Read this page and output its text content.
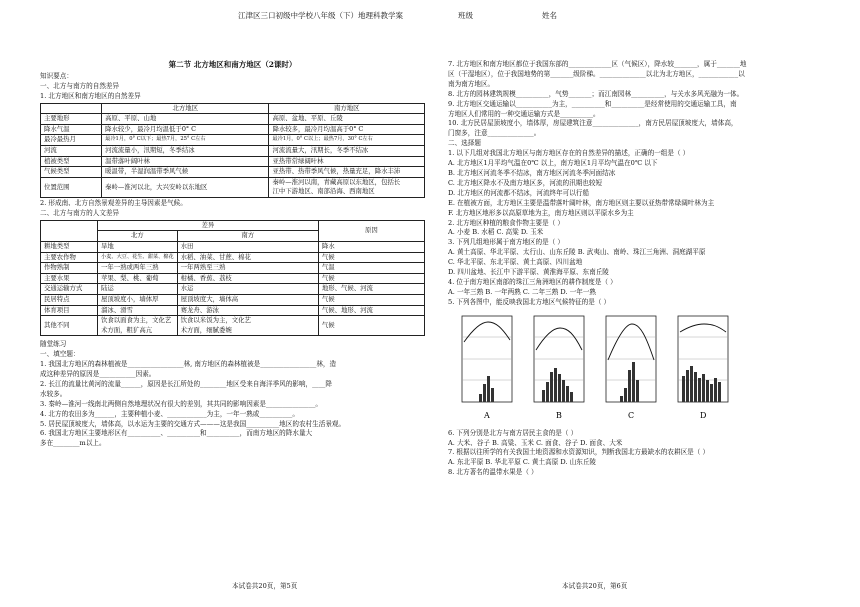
江津区三口初级中学校八年级（下）地理科教学案	班级	姓名
第二节 北方地区和南方地区（2课时）
知识要点：
一、北方与南方的自然差异
1. 北方地区和南方地区的自然差异
	北方地区	南方地区
主要地形	高原、平原、山地	高原、盆地、平原、丘陵
降水气温	降水较少，最冷月均温低于0° C	降水较多，最冷月均温高于0° C
最冷最热月	最冷1月，0° C以下；最热7月，25° C左右	最冷1月，0° C以上；最热7月，30° C左右
河流	河流流量小，汛期短，冬季结冰	河流流量大，汛期长，冬季不结冰
植被类型	温带落叶阔叶林	亚热带常绿阔叶林
气候类型	暖温带，半湿润温带季风气候	亚热带、热带季风气候，热量充足，降水丰沛
位置范围	秦岭—淮河以北，大兴安岭以东地区	秦岭—淮河以南，青藏高原以东地区，包括长
		江中下游地区、南部沿海、西南地区
2. 形成南、北方自然景观差异的主导因素是气候。
二、北方与南方的人文差异
	差异		原因
	北方	南方	
耕地类型	旱地	水田	降水
主要农作物	小麦、大豆、花生、甜菜、棉花	水稻、油菜、甘蔗、棉花	气候
作物熟制	一年一熟或两年三熟	一年两熟至三熟	气温
主要水果	苹果、梨、桃、葡萄	柑橘、香蕉、荔枝	气候
交通运输方式	陆运	水运	地形、气候、河流
民居特点	屋顶坡度小，墙体厚	屋顶坡度大，墙体高	气候
体育项目	溜冰、滑雪	赛龙舟、游泳	气候、地形、河流
其他不同	饮食以面食为主，文化艺	饮食以米饭为主，文化艺	气候
	术方面，粗犷高亢	术方面，细腻委婉	
随堂练习
一、填空题：
1. 我国北方地区的森林植被是_________________林, 南方地区的森林植被是_________________林，造
成这种差异的原因是___________因素。
2. 长江的流量比黄河的流量______，原因是长江所处的________地区受来自海洋季风的影响，____降
水较多。
3. 秦岭—淮河一线南北两侧自然地理状况有很大的差别，其共同的影响因素是_______________。
4. 北方的农田多为______，主要种植小麦、____________为主，一年一熟或__________。
5. 居民屋顶坡度大，墙体高，以水运为主要的交通方式———这是我国__________地区的农村生活景观。
6. 我国北方地区主要地形区有__________、__________和__________，而南方地区的降水量大
多在________m以上。
7. 北方地区和南方地区都位于我国东部的_____________区（气候区），降水较_______，属于_______地
区（干湿地区），位于我国地势的第_______级阶梯。______________以北为北方地区，____________以
南为南方地区。
8. 北方的园林建筑规模__________，气势_______；而江南园林__________，与关水多风光融为一体。
9. 北方地区交通运输以___________为主，__________和__________是经常使用的交通运输工具，南
方地区人们常用的一种交通运输方式是__________。
10. 北方民居屋顶坡度小，墙体厚，房屋建筑注意______________，南方民居屋顶坡度大，墙体高，
门窗多，注意______________。
二、选择题
1. 以下几组对我国北方地区与南方地区存在的自然差异的描述，正确的一组是（ ）
A. 北方地区1月平均气温在0℃ 以上，南方地区1月平均气温在0℃ 以下
B. 北方地区河流冬季不结冰，南方地区河流冬季河面结冰
C. 北方地区降水不及南方地区多，河流的汛期也较短
D. 北方地区的河流都不结冰，河流终年可以行船
E. 在植被方面，北方地区主要是温带落叶阔叶林，南方地区则主要以亚热带常绿阔叶林为主
F. 北方地区地形多以高原草地为主，南方地区则以平原水乡为主
2. 北方地区种植的粮食作物主要是（ ）
A. 小麦 B. 水稻 C. 高粱 D. 玉米
3. 下列几组地形属于南方地区的是（ ）
A. 黄土高原、华北平原、太行山、山东丘陵 B. 武夷山、南岭、珠江三角洲、洞庭湖平原
C. 华北平原、东北平原、黄土高原、四川盆地
D. 四川盆地、长江中下游平原、黄淮海平原、东南丘陵
4. 位于南方地区南部的珠江三角洲地区的耕作制度是（ ）
A. 一年三熟 B. 一年两熟 C. 二年三熟 D. 一年一熟
5. 下列各图中，能反映我国北方地区气候特征的是（ ）
A	B	C	D
6. 下列分别是北方与南方居民主食的是（ ）
A. 大米、谷子 B. 高粱、玉米 C. 面食、谷子 D. 面食、大米
7. 根据以往所学的有关我国土地资源和水资源知识，判断我国北方最缺水的农耕区是（ ）
A. 东北平原 B. 华北平原 C. 黄土高原 D. 山东丘陵
8. 北方著名的温带水果是（ ）
本试卷共20页，第5页	本试卷共20页，第6页
